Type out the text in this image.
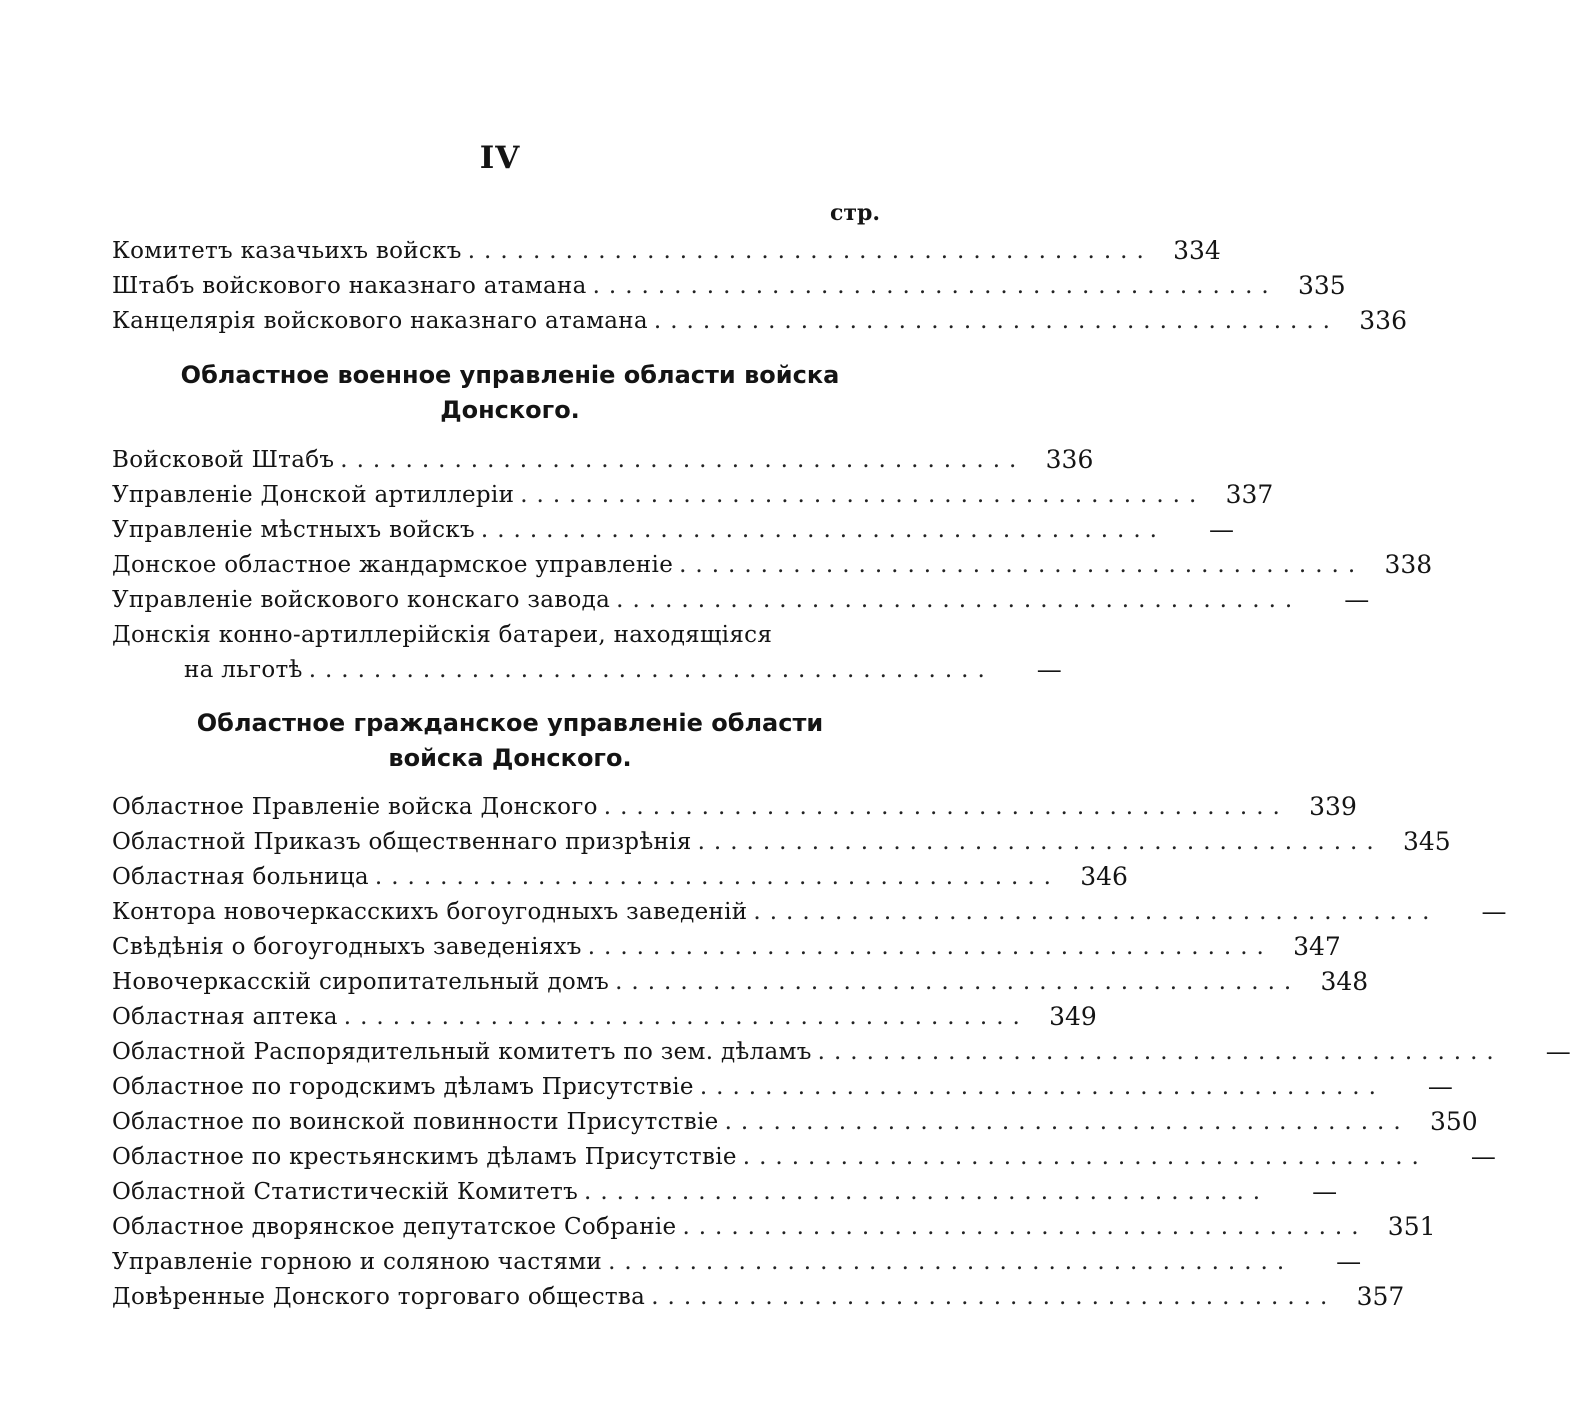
IV
стр.
Комитетъ казачьихъ войскъ .......................................... 334
Штабъ войскового наказнаго атамана .......................................... 335
Канцелярія войскового наказнаго атамана .......................................... 336
Областное военное управленіе области войска
Донского.
Войсковой Штабъ .......................................... 336
Управленіе Донской артиллеріи .......................................... 337
Управленіе мѣстныхъ войскъ ..........................................	—
Донское областное жандармское управленіе .......................................... 338
Управленіе войскового конскаго завода ..........................................	—
Донскія конно-артиллерійскія батареи, находящіяся
на льготѣ ..........................................	—
Областное гражданское управленіе области
войска Донского.
Областное Правленіе войска Донского .......................................... 339
Областной Приказъ общественнаго призрѣнія .......................................... 345
Областная больница .......................................... 346
Контора новочеркасскихъ богоугодныхъ заведеній ..........................................	—
Свѣдѣнія о богоугодныхъ заведеніяхъ .......................................... 347
Новочеркасскій сиропитательный домъ .......................................... 348
Областная аптека .......................................... 349
Областной Распорядительный комитетъ по зем. дѣламъ ..........................................	—
Областное по городскимъ дѣламъ Присутствіе ..........................................	—
Областное по воинской повинности Присутствіе .......................................... 350
Областное по крестьянскимъ дѣламъ Присутствіе ..........................................	—
Областной Статистическій Комитетъ ..........................................	—
Областное дворянское депутатское Собраніе .......................................... 351
Управленіе горною и соляною частями ..........................................	—
Довѣренные Донского торговаго общества .......................................... 357
